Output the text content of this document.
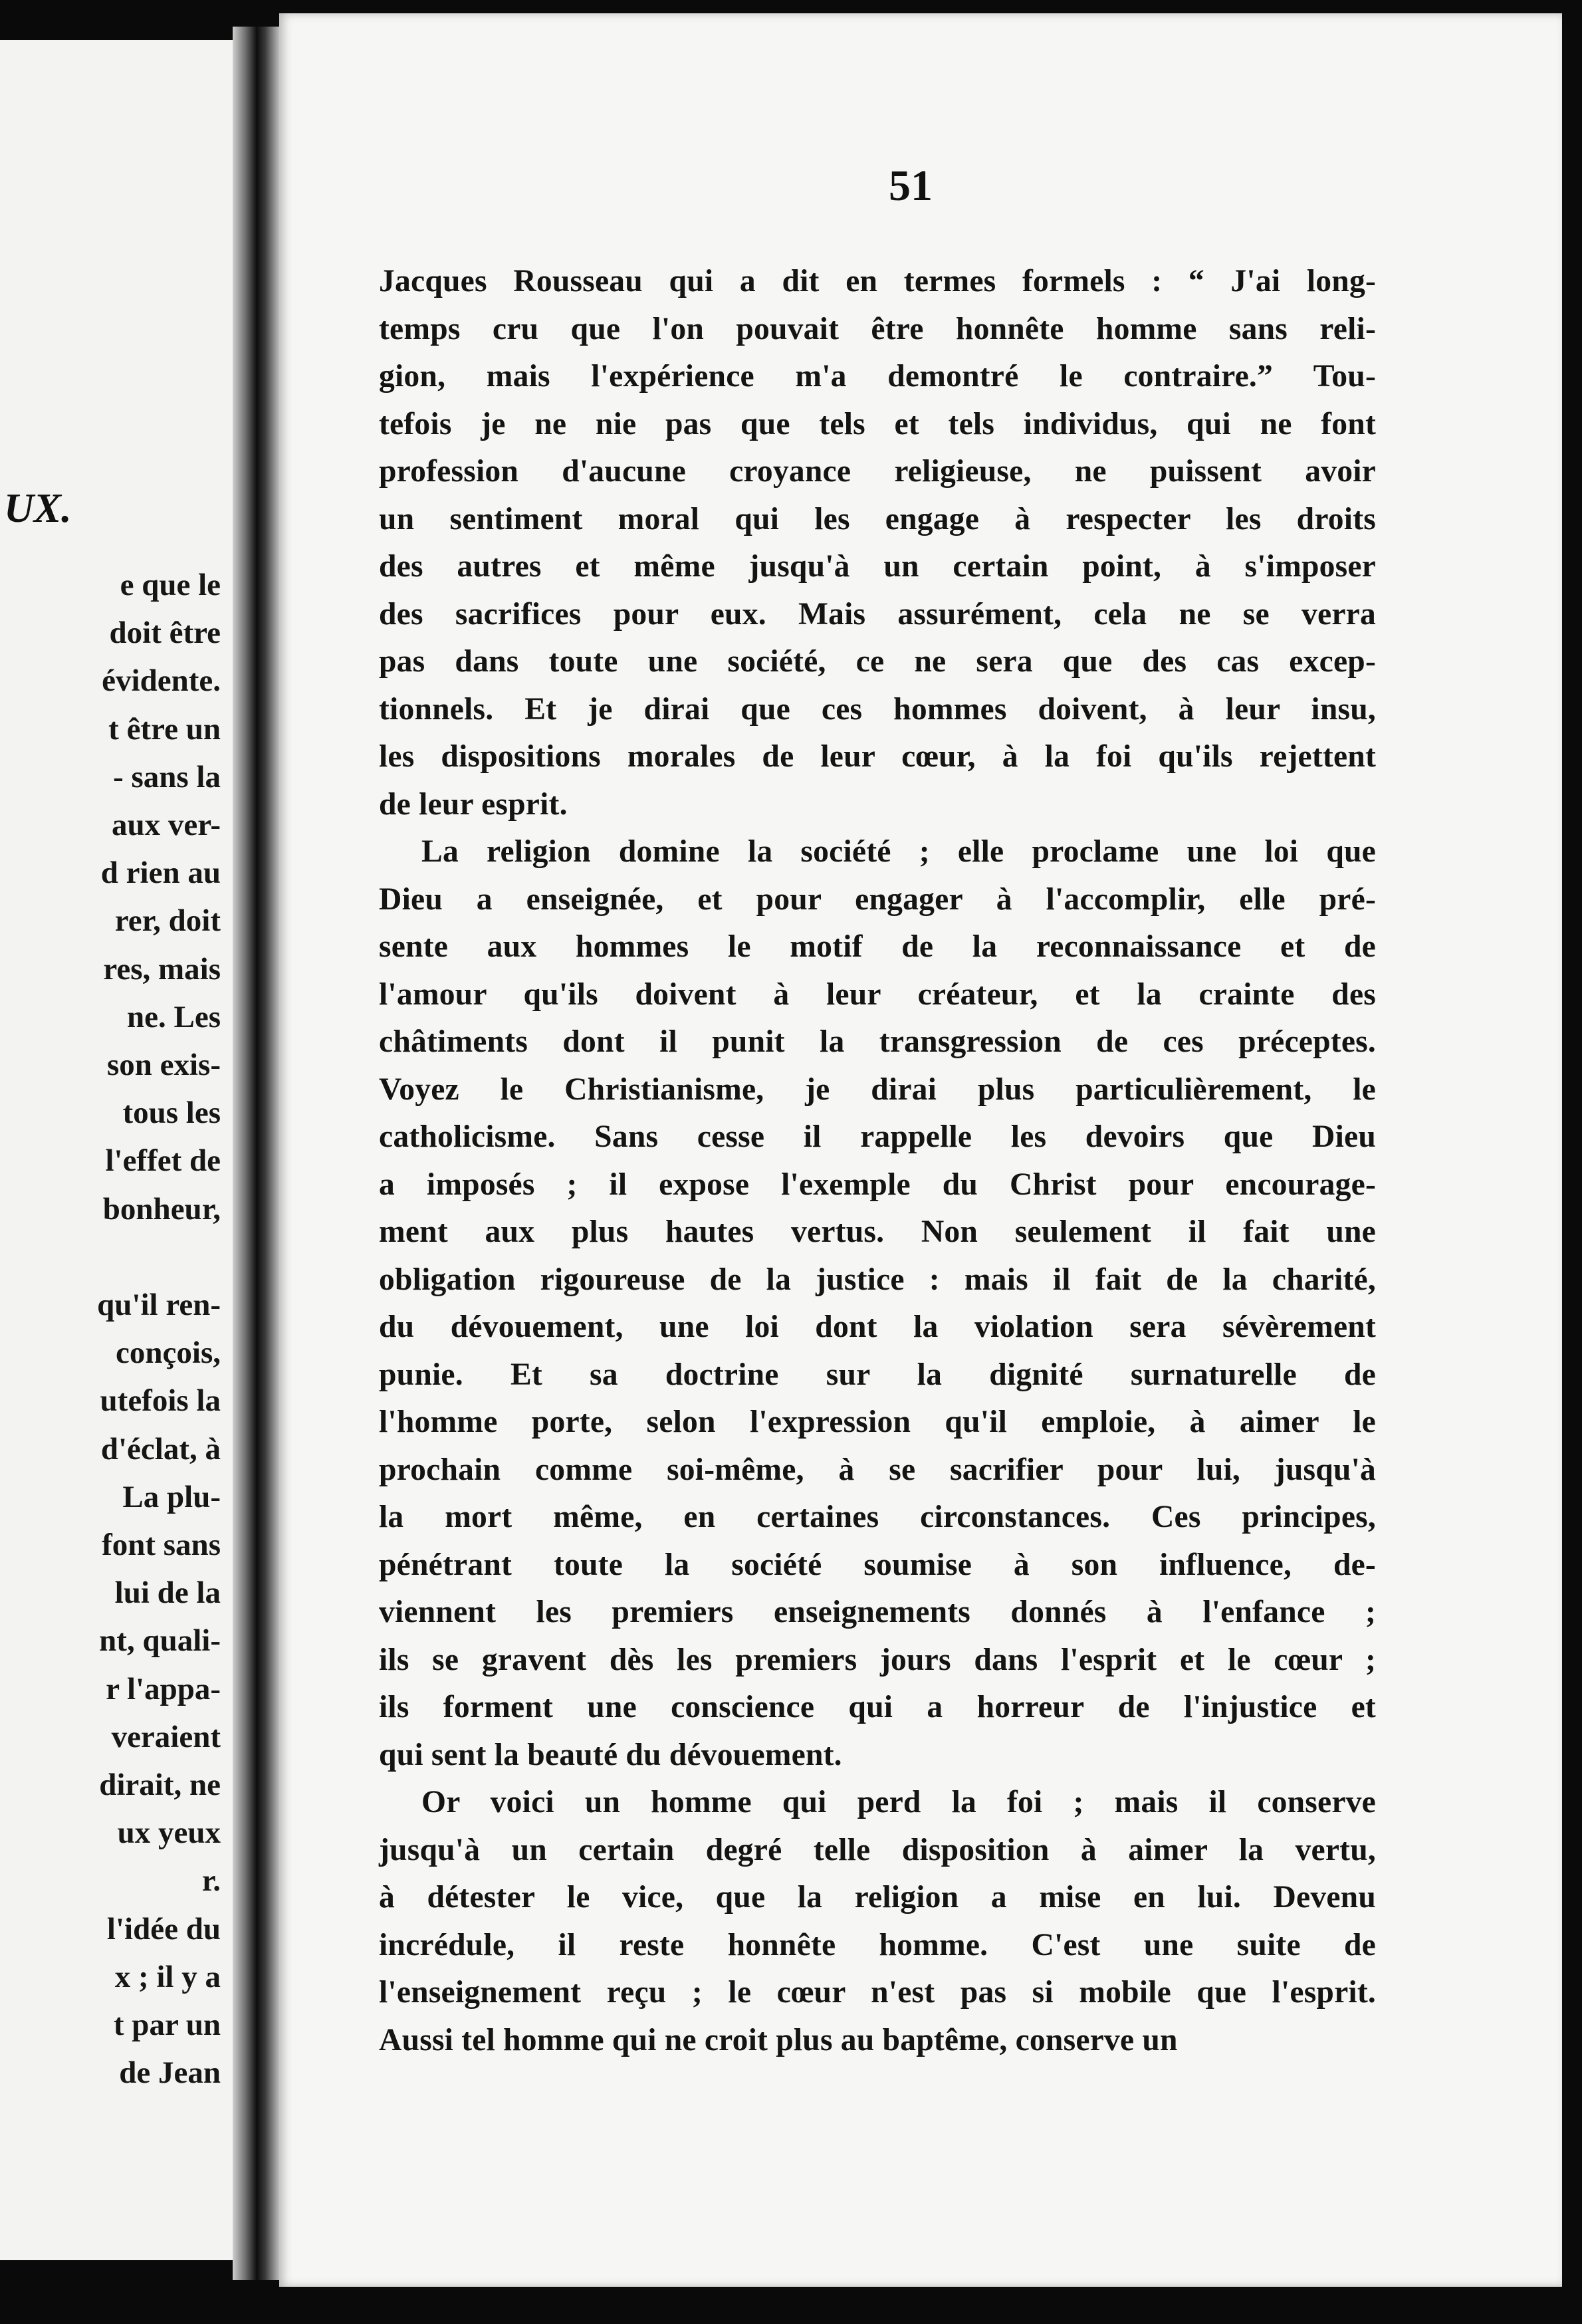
UX.
e que le
doit être
évidente.
t être un
- sans la
aux ver-
d rien au
rer, doit
res, mais
ne. Les
son exis-
tous les
l'effet de
bonheur,
qu'il ren-
conçois,
utefois la
d'éclat, à
La plu-
font sans
lui de la
nt, quali-
r l'appa-
veraient
dirait, ne
ux yeux
r.
l'idée du
x ; il y a
t par un
de Jean
51
Jacques Rousseau qui a dit en termes formels : “ J'ai long-
temps cru que l'on pouvait être honnête homme sans reli-
gion, mais l'expérience m'a demontré le contraire.” Tou-
tefois je ne nie pas que tels et tels individus, qui ne font
profession d'aucune croyance religieuse, ne puissent avoir
un sentiment moral qui les engage à respecter les droits
des autres et même jusqu'à un certain point, à s'imposer
des sacrifices pour eux. Mais assurément, cela ne se verra
pas dans toute une société, ce ne sera que des cas excep-
tionnels. Et je dirai que ces hommes doivent, à leur insu,
les dispositions morales de leur cœur, à la foi qu'ils rejettent
de leur esprit.
La religion domine la société ; elle proclame une loi que
Dieu a enseignée, et pour engager à l'accomplir, elle pré-
sente aux hommes le motif de la reconnaissance et de
l'amour qu'ils doivent à leur créateur, et la crainte des
châtiments dont il punit la transgression de ces préceptes.
Voyez le Christianisme, je dirai plus particulièrement, le
catholicisme. Sans cesse il rappelle les devoirs que Dieu
a imposés ; il expose l'exemple du Christ pour encourage-
ment aux plus hautes vertus. Non seulement il fait une
obligation rigoureuse de la justice : mais il fait de la charité,
du dévouement, une loi dont la violation sera sévèrement
punie. Et sa doctrine sur la dignité surnaturelle de
l'homme porte, selon l'expression qu'il emploie, à aimer le
prochain comme soi-même, à se sacrifier pour lui, jusqu'à
la mort même, en certaines circonstances. Ces principes,
pénétrant toute la société soumise à son influence, de-
viennent les premiers enseignements donnés à l'enfance ;
ils se gravent dès les premiers jours dans l'esprit et le cœur ;
ils forment une conscience qui a horreur de l'injustice et
qui sent la beauté du dévouement.
Or voici un homme qui perd la foi ; mais il conserve
jusqu'à un certain degré telle disposition à aimer la vertu,
à détester le vice, que la religion a mise en lui. Devenu
incrédule, il reste honnête homme. C'est une suite de
l'enseignement reçu ; le cœur n'est pas si mobile que l'esprit.
Aussi tel homme qui ne croit plus au baptême, conserve un
